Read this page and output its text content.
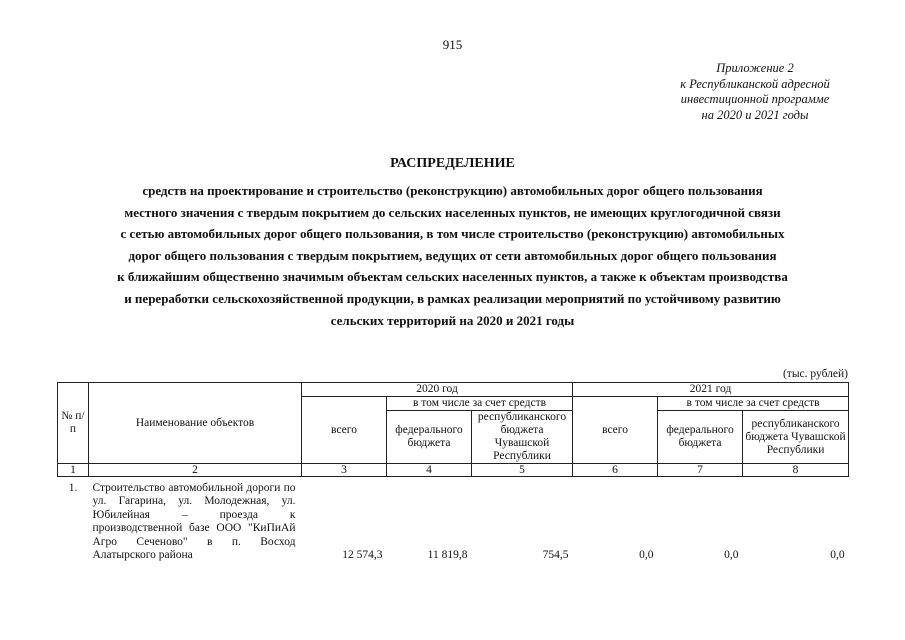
915
Приложение 2
к Республиканской адресной
инвестиционной программе
на 2020 и 2021 годы
РАСПРЕДЕЛЕНИЕ
средств на проектирование и строительство (реконструкцию) автомобильных дорог общего пользования
местного значения с твердым покрытием до сельских населенных пунктов, не имеющих круглогодичной связи
с сетью автомобильных дорог общего пользования, в том числе строительство (реконструкцию) автомобильных
дорог общего пользования с твердым покрытием, ведущих от сети автомобильных дорог общего пользования
к ближайшим общественно значимым объектам сельских населенных пунктов, а также к объектам производства
и переработки сельскохозяйственной продукции, в рамках реализации мероприятий по устойчивому развитию
сельских территорий на 2020 и 2021 годы
(тыс. рублей)
№ п/п	Наименование объектов	2020 год			2021 год		
		всего	в том числе за счет средств		всего	в том числе за счет средств	
			федерального бюджета	республиканского бюджета Чувашской Республики		федерального бюджета	республиканского бюджета Чувашской Республики
1	2	3	4	5	6	7	8
1.	Строительство автомобильной дороги по ул. Гагарина, ул. Молодежная, ул. Юбилейная – проезда к производственной базе ООО "КиПиАй Агро Сеченово" в п. Восход Алатырского района	12 574,3	11 819,8	754,5	0,0	0,0	0,0
